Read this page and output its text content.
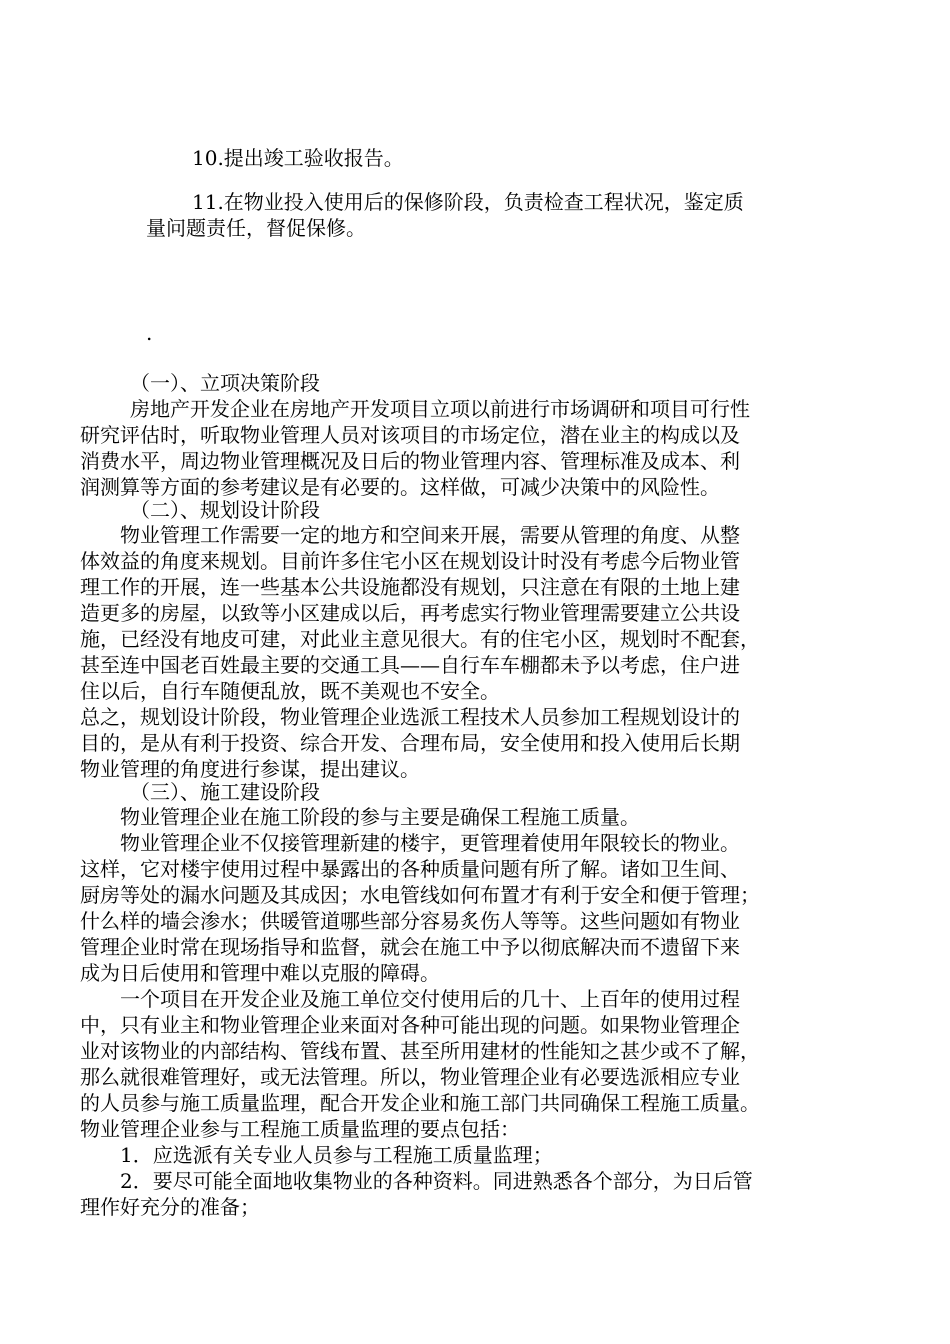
10.提出竣工验收报告。
11.在物业投入使用后的保修阶段，负责检查工程状况，鉴定质
量问题责任，督促保修。
.
（一）、立项决策阶段
房地产开发企业在房地产开发项目立项以前进行市场调研和项目可行性
研究评估时，听取物业管理人员对该项目的市场定位，潜在业主的构成以及
消费水平，周边物业管理概况及日后的物业管理内容、管理标准及成本、利
润测算等方面的参考建议是有必要的。这样做，可减少决策中的风险性。
（二）、规划设计阶段
物业管理工作需要一定的地方和空间来开展，需要从管理的角度、从整
体效益的角度来规划。目前许多住宅小区在规划设计时没有考虑今后物业管
理工作的开展，连一些基本公共设施都没有规划，只注意在有限的土地上建
造更多的房屋，以致等小区建成以后，再考虑实行物业管理需要建立公共设
施，已经没有地皮可建，对此业主意见很大。有的住宅小区，规划时不配套，
甚至连中国老百姓最主要的交通工具——自行车车棚都未予以考虑，住户进
住以后，自行车随便乱放，既不美观也不安全。
总之，规划设计阶段，物业管理企业选派工程技术人员参加工程规划设计的
目的，是从有利于投资、综合开发、合理布局，安全使用和投入使用后长期
物业管理的角度进行参谋，提出建议。
（三）、施工建设阶段
物业管理企业在施工阶段的参与主要是确保工程施工质量。
物业管理企业不仅接管理新建的楼宇，更管理着使用年限较长的物业。
这样，它对楼宇使用过程中暴露出的各种质量问题有所了解。诸如卫生间、
厨房等处的漏水问题及其成因；水电管线如何布置才有利于安全和便于管理；
什么样的墙会渗水；供暖管道哪些部分容易炙伤人等等。这些问题如有物业
管理企业时常在现场指导和监督，就会在施工中予以彻底解决而不遗留下来
成为日后使用和管理中难以克服的障碍。
一个项目在开发企业及施工单位交付使用后的几十、上百年的使用过程
中，只有业主和物业管理企业来面对各种可能出现的问题。如果物业管理企
业对该物业的内部结构、管线布置、甚至所用建材的性能知之甚少或不了解，
那么就很难管理好，或无法管理。所以，物业管理企业有必要选派相应专业
的人员参与施工质量监理，配合开发企业和施工部门共同确保工程施工质量。
物业管理企业参与工程施工质量监理的要点包括：
1．应选派有关专业人员参与工程施工质量监理；
2．要尽可能全面地收集物业的各种资料。同进熟悉各个部分，为日后管
理作好充分的准备；
